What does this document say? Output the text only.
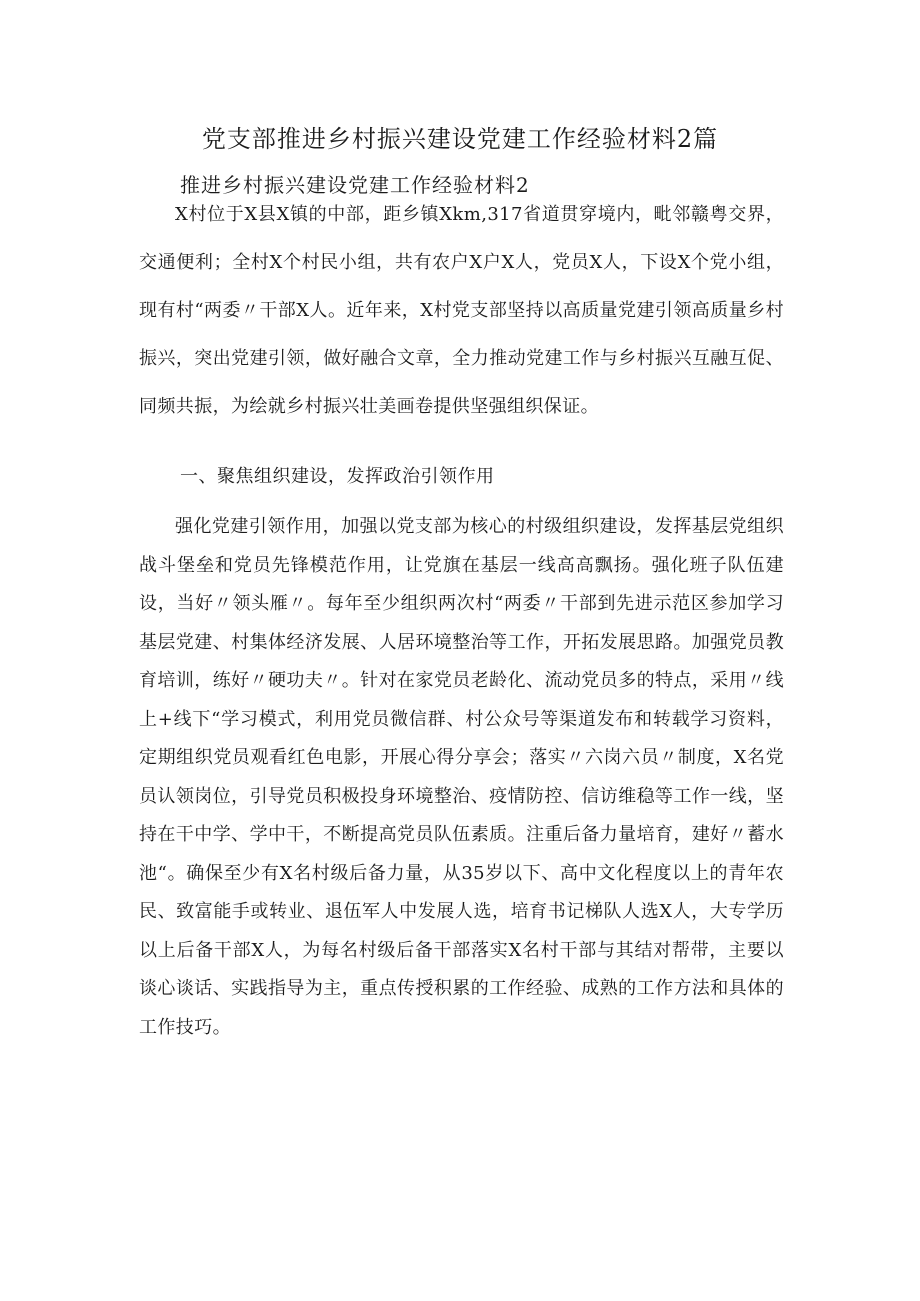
党支部推进乡村振兴建设党建工作经验材料2篇
推进乡村振兴建设党建工作经验材料2

X村位于X县X镇的中部，距乡镇Xkm,317省道贯穿境内，毗邻赣粤交界，交通便利；全村X个村民小组，共有农户X户X人，党员X人，下设X个党小组，现有村“两委〃干部X人。近年来，X村党支部坚持以高质量党建引领高质量乡村振兴，突出党建引领，做好融合文章，全力推动党建工作与乡村振兴互融互促、同频共振，为绘就乡村振兴壮美画卷提供坚强组织保证。

一、聚焦组织建设，发挥政治引领作用

强化党建引领作用，加强以党支部为核心的村级组织建设，发挥基层党组织战斗堡垒和党员先锋模范作用，让党旗在基层一线高高飘扬。强化班子队伍建设，当好〃领头雁〃。每年至少组织两次村“两委〃干部到先进示范区参加学习基层党建、村集体经济发展、人居环境整治等工作，开拓发展思路。加强党员教育培训，练好〃硬功夫〃。针对在家党员老龄化、流动党员多的特点，采用〃线上+线下“学习模式，利用党员微信群、村公众号等渠道发布和转载学习资料，定期组织党员观看红色电影，开展心得分享会；落实〃六岗六员〃制度，X名党员认领岗位，引导党员积极投身环境整治、疫情防控、信访维稳等工作一线，坚持在干中学、学中干，不断提高党员队伍素质。注重后备力量培育，建好〃蓄水池“。确保至少有X名村级后备力量，从35岁以下、高中文化程度以上的青年农民、致富能手或转业、退伍军人中发展人选，培育书记梯队人选X人，大专学历以上后备干部X人，为每名村级后备干部落实X名村干部与其结对帮带，主要以谈心谈话、实践指导为主，重点传授积累的工作经验、成熟的工作方法和具体的工作技巧。
